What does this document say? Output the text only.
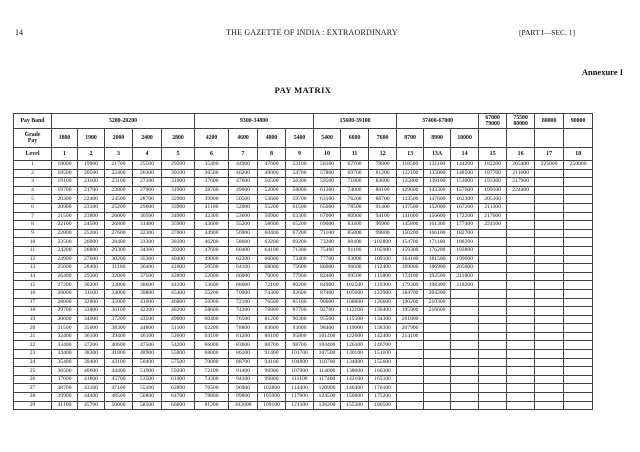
14	THE GAZETTE OF INDIA : EXTRAORDINARY	[PART I—SEC. 1]
Annexure I
PAY MATRIX
Pay Band	5200-20200					9300-34800				15600-39100			37400-67000			67000 79000	75500 80000	80000	90000
Grade Pay	1800	1900	2000	2400	2800	4200	4600	4800	5400	5400	6600	7600	8700	8900	10000				
Level	1	2	3	4	5	6	7	8	9	10	11	12	13	13A	14	15	16	17	18
1	18000	19900	21700	25500	29200	35400	44900	47600	53100	56100	67700	78800	118500	131100	144200	182200	205400	225000	250000
2	18500	20500	22400	26300	30100	36500	46200	49000	54700	57800	69700	81200	122100	135000	148500	187700	211600		
3	19100	21100	23100	27100	31000	37600	47600	50500	56300	59500	71800	83600	125800	139100	153000	193300	217900		
4	19700	21700	23800	27900	31900	38700	49000	52000	58000	61300	74000	86100	129600	143300	157600	199100	224400		
5	20300	22400	24500	28700	32900	39900	50500	53600	59700	63100	76200	88700	133500	147600	162300	205100			
6	20900	23100	25200	29600	33900	41100	52000	55200	61500	65000	78500	91400	137500	152000	167200	211300			
7	21500	23800	26000	30500	34900	42300	53600	56900	63300	67000	80900	94100	141600	156600	172200	217600			
8	22100	24500	26800	31400	35900	43600	55200	58600	65200	69000	83300	96900	145800	161300	177400	224100			
9	22800	25200	27600	32300	37000	44900	56900	60400	67200	71100	85800	99800	150200	166100	182700				
10	23500	26000	28400	33300	38100	46200	58600	62200	69200	73200	88400	102800	154700	171100	188200				
11	24200	26800	29300	34300	39200	47600	60400	64100	71300	75400	91100	105900	159300	176200	193800				
12	24900	27600	30200	35300	40400	49000	62200	66000	73400	77700	93800	109100	164100	181500	199600				
13	25600	28400	31100	36400	41600	50500	64100	68000	75600	80000	96600	112400	169000	186900	205600				
14	26400	29300	32000	37500	42800	52000	66000	70000	77900	82400	99500	115800	174100	192500	211800				
15	27200	30200	33000	38600	44100	53600	68000	72100	80200	84900	102500	119300	179300	198300	218200				
16	28000	31100	34000	39800	45400	55200	70000	74300	82600	87400	105600	122900	184700	204200					
17	28800	32000	35000	41000	46800	56900	72100	76500	85100	90000	108800	126600	190200	210300					
18	29700	33000	36100	42200	48200	58600	74300	78800	87700	92700	112100	130400	195900	216600					
19	30600	34000	37200	43500	49600	60400	76500	81200	90300	95500	115500	134300	201800						
20	31500	35000	38300	44800	51100	62200	78800	83600	93000	98400	119000	138300	207900						
21	32400	36100	39400	46100	52600	64100	81200	86100	95800	101400	122600	142400	214100						
22	33400	37200	40600	47500	54200	66000	83600	88700	98700	104400	126300	146700							
23	34400	38300	41800	48900	55800	68000	86100	91400	101700	107500	130100	151100							
24	35400	39400	43100	50400	57500	70000	88700	94100	104800	110700	134000	155600							
25	36500	40600	44400	51900	59200	72100	91400	96900	107900	114000	138000	160300							
26	37600	41800	45700	53500	61000	74300	94100	99800	111100	117400	142100	165100							
27	38700	43100	47100	55100	62800	76500	96900	102800	114400	120900	146400	170100							
28	39900	44400	48500	56800	64700	78800	99800	105900	117800	124500	150800	175200							
29	41100	45700	50000	58500	66600	81200	102800	109100	121300	128200	155300	180500							
